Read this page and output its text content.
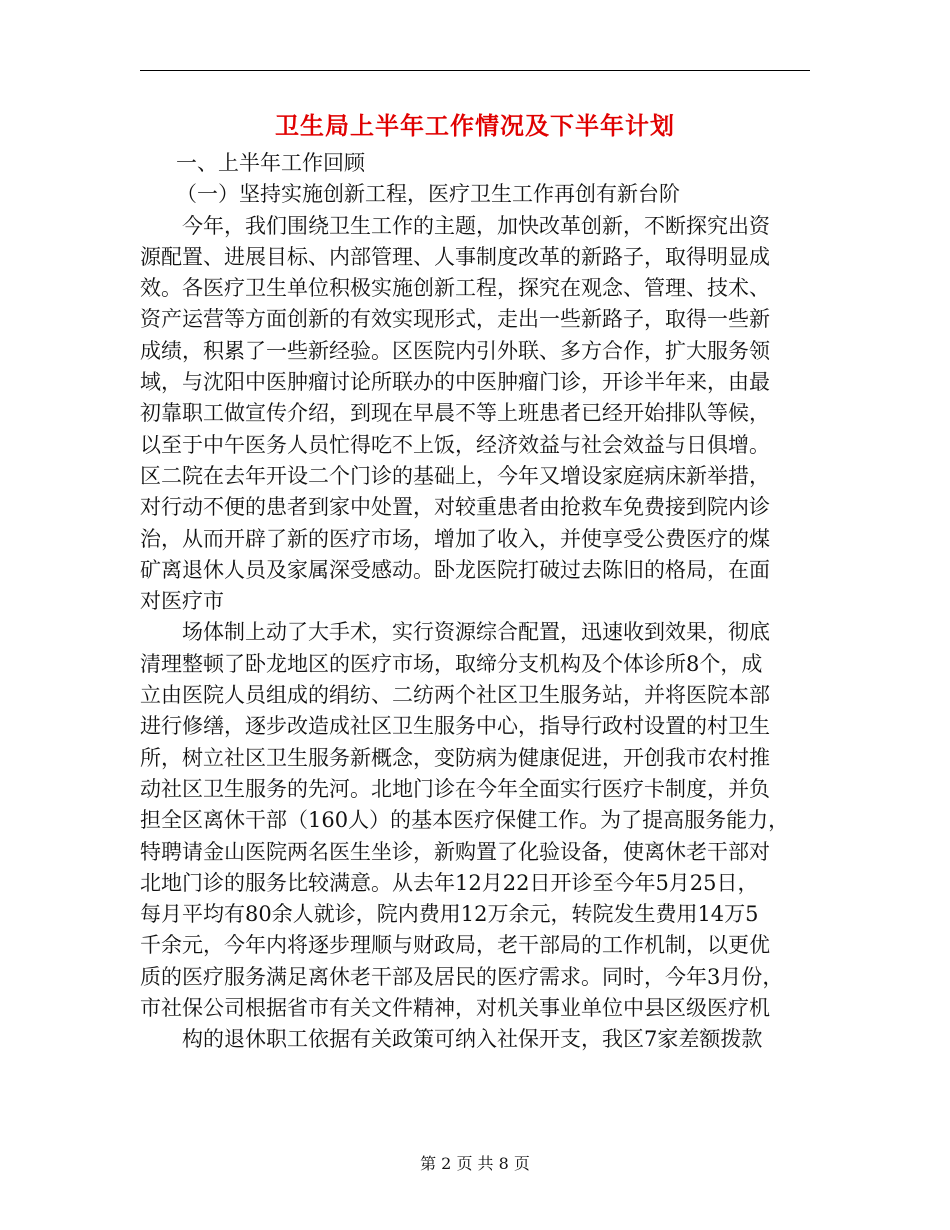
卫生局上半年工作情况及下半年计划
一、上半年工作回顾
（一）坚持实施创新工程，医疗卫生工作再创有新台阶
今年，我们围绕卫生工作的主题，加快改革创新，不断探究出资
源配置、进展目标、内部管理、人事制度改革的新路子，取得明显成
效。各医疗卫生单位积极实施创新工程，探究在观念、管理、技术、
资产运营等方面创新的有效实现形式，走出一些新路子，取得一些新
成绩，积累了一些新经验。区医院内引外联、多方合作，扩大服务领
域，与沈阳中医肿瘤讨论所联办的中医肿瘤门诊，开诊半年来，由最
初靠职工做宣传介绍，到现在早晨不等上班患者已经开始排队等候，
以至于中午医务人员忙得吃不上饭，经济效益与社会效益与日俱增。
区二院在去年开设二个门诊的基础上，今年又增设家庭病床新举措，
对行动不便的患者到家中处置，对较重患者由抢救车免费接到院内诊
治，从而开辟了新的医疗市场，增加了收入，并使享受公费医疗的煤
矿离退休人员及家属深受感动。卧龙医院打破过去陈旧的格局，在面
对医疗市
场体制上动了大手术，实行资源综合配置，迅速收到效果，彻底
清理整顿了卧龙地区的医疗市场，取缔分支机构及个体诊所8个，成
立由医院人员组成的绢纺、二纺两个社区卫生服务站，并将医院本部
进行修缮，逐步改造成社区卫生服务中心，指导行政村设置的村卫生
所，树立社区卫生服务新概念，变防病为健康促进，开创我市农村推
动社区卫生服务的先河。北地门诊在今年全面实行医疗卡制度，并负
担全区离休干部（160人）的基本医疗保健工作。为了提高服务能力，
特聘请金山医院两名医生坐诊，新购置了化验设备，使离休老干部对
北地门诊的服务比较满意。从去年12月22日开诊至今年5月25日，
每月平均有80余人就诊，院内费用12万余元，转院发生费用14万5
千余元，今年内将逐步理顺与财政局，老干部局的工作机制，以更优
质的医疗服务满足离休老干部及居民的医疗需求。同时，今年3月份，
市社保公司根据省市有关文件精神，对机关事业单位中县区级医疗机
构的退休职工依据有关政策可纳入社保开支，我区7家差额拨款
第 2 页 共 8 页
